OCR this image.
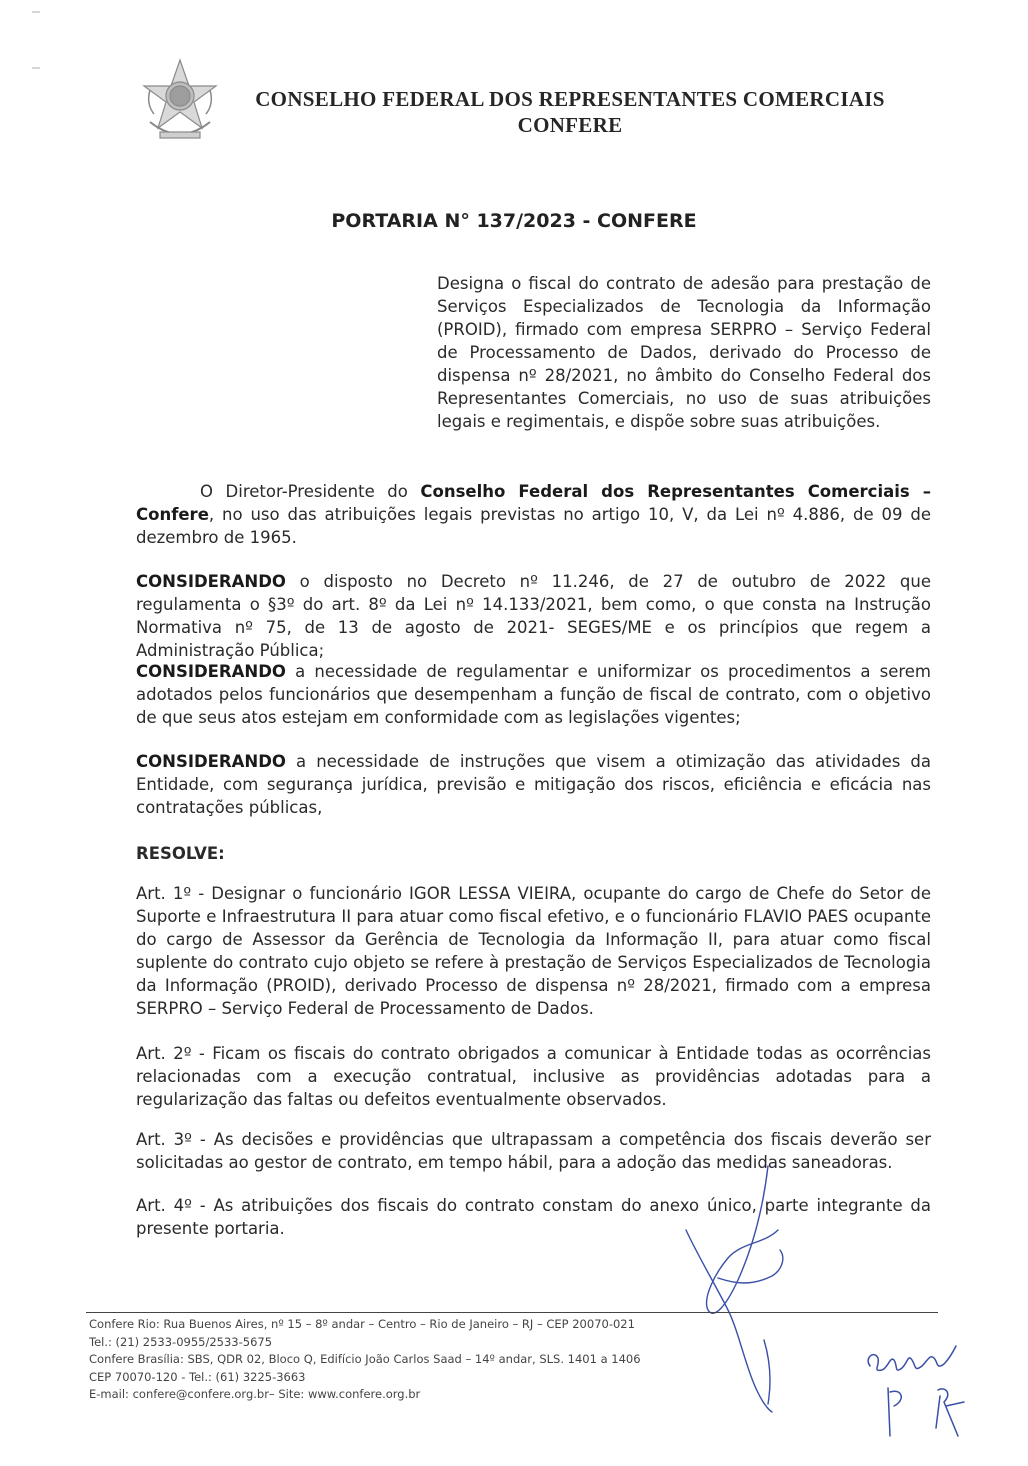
CONSELHO FEDERAL DOS REPRESENTANTES COMERCIAIS
CONFERE
PORTARIA N° 137/2023 - CONFERE
Designa o fiscal do contrato de adesão para prestação de Serviços Especializados de Tecnologia da Informação (PROID), firmado com empresa SERPRO – Serviço Federal de Processamento de Dados, derivado do Processo de dispensa nº 28/2021, no âmbito do Conselho Federal dos Representantes Comerciais, no uso de suas atribuições legais e regimentais, e dispõe sobre suas atribuições.
O Diretor-Presidente do Conselho Federal dos Representantes Comerciais – Confere, no uso das atribuições legais previstas no artigo 10, V, da Lei nº 4.886, de 09 de dezembro de 1965.
CONSIDERANDO o disposto no Decreto nº 11.246, de 27 de outubro de 2022 que regulamenta o §3º do art. 8º da Lei nº 14.133/2021, bem como, o que consta na Instrução Normativa nº 75, de 13 de agosto de 2021- SEGES/ME e os princípios que regem a Administração Pública;
CONSIDERANDO a necessidade de regulamentar e uniformizar os procedimentos a serem adotados pelos funcionários que desempenham a função de fiscal de contrato, com o objetivo de que seus atos estejam em conformidade com as legislações vigentes;
CONSIDERANDO a necessidade de instruções que visem a otimização das atividades da Entidade, com segurança jurídica, previsão e mitigação dos riscos, eficiência e eficácia nas contratações públicas,
RESOLVE:
Art. 1º - Designar o funcionário IGOR LESSA VIEIRA, ocupante do cargo de Chefe do Setor de Suporte e Infraestrutura II para atuar como fiscal efetivo, e o funcionário FLAVIO PAES ocupante do cargo de Assessor da Gerência de Tecnologia da Informação II, para atuar como fiscal suplente do contrato cujo objeto se refere à prestação de Serviços Especializados de Tecnologia da Informação (PROID), derivado Processo de dispensa nº 28/2021, firmado com a empresa SERPRO – Serviço Federal de Processamento de Dados.
Art. 2º - Ficam os fiscais do contrato obrigados a comunicar à Entidade todas as ocorrências relacionadas com a execução contratual, inclusive as providências adotadas para a regularização das faltas ou defeitos eventualmente observados.
Art. 3º - As decisões e providências que ultrapassam a competência dos fiscais deverão ser solicitadas ao gestor de contrato, em tempo hábil, para a adoção das medidas saneadoras.
Art. 4º - As atribuições dos fiscais do contrato constam do anexo único, parte integrante da presente portaria.
Confere Rio: Rua Buenos Aires, nº 15 – 8º andar – Centro – Rio de Janeiro – RJ – CEP 20070-021
Tel.: (21) 2533-0955/2533-5675
Confere Brasília: SBS, QDR 02, Bloco Q, Edifício João Carlos Saad – 14º andar, SLS. 1401 a 1406
CEP 70070-120 - Tel.: (61) 3225-3663
E-mail: confere@confere.org.br– Site: www.confere.org.br
